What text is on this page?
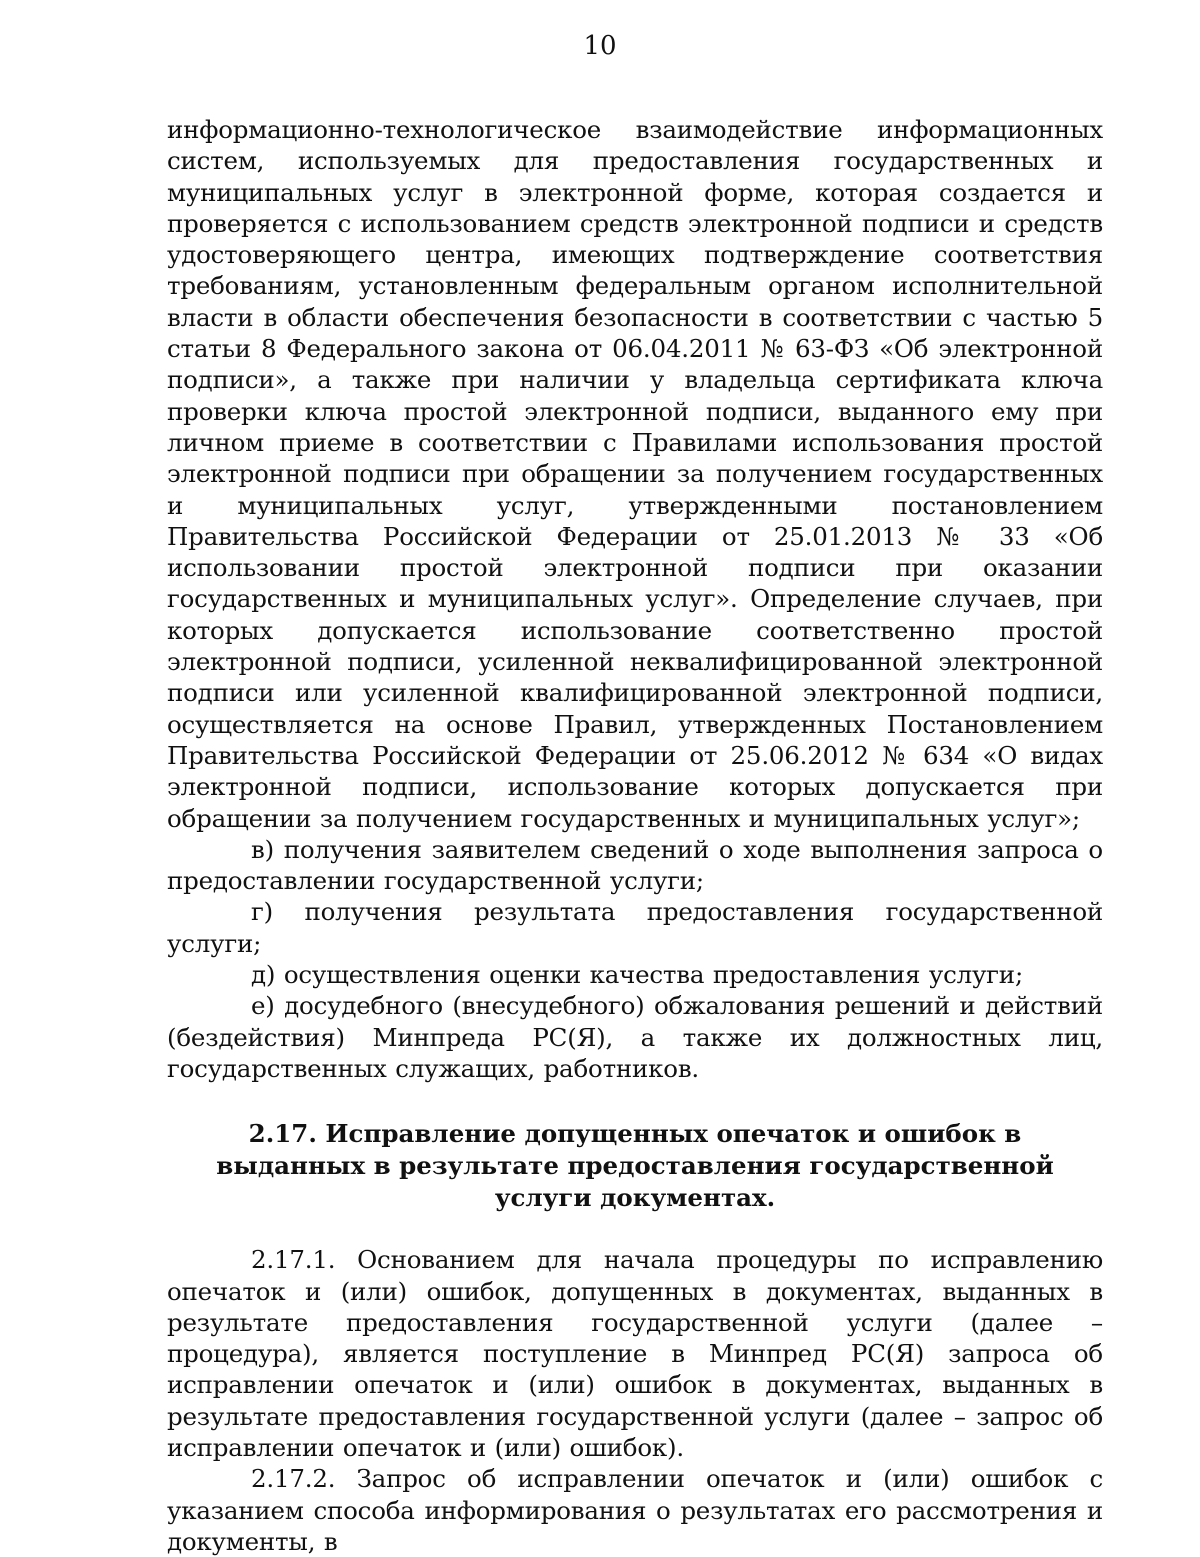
10

информационно-технологическое взаимодействие информационных систем, используемых для предоставления государственных и муниципальных услуг в электронной форме, которая создается и проверяется с использованием средств электронной подписи и средств удостоверяющего центра, имеющих подтверждение соответствия требованиям, установленным федеральным органом исполнительной власти в области обеспечения безопасности в соответствии с частью 5 статьи 8 Федерального закона от 06.04.2011 № 63-ФЗ «Об электронной подписи», а также при наличии у владельца сертификата ключа проверки ключа простой электронной подписи, выданного ему при личном приеме в соответствии с Правилами использования простой электронной подписи при обращении за получением государственных и муниципальных услуг, утвержденными постановлением Правительства Российской Федерации от 25.01.2013 № 33 «Об использовании простой электронной подписи при оказании государственных и муниципальных услуг». Определение случаев, при которых допускается использование соответственно простой электронной подписи, усиленной неквалифицированной электронной подписи или усиленной квалифицированной электронной подписи, осуществляется на основе Правил, утвержденных Постановлением Правительства Российской Федерации от 25.06.2012 № 634 «О видах электронной подписи, использование которых допускается при обращении за получением государственных и муниципальных услуг»;

в) получения заявителем сведений о ходе выполнения запроса о предоставлении государственной услуги;

г) получения результата предоставления государственной услуги;

д) осуществления оценки качества предоставления услуги;

е) досудебного (внесудебного) обжалования решений и действий (бездействия) Минпреда РС(Я), а также их должностных лиц, государственных служащих, работников.

2.17. Исправление допущенных опечаток и ошибок в выданных в результате предоставления государственной услуги документах.

2.17.1. Основанием для начала процедуры по исправлению опечаток и (или) ошибок, допущенных в документах, выданных в результате предоставления государственной услуги (далее – процедура), является поступление в Минпред РС(Я) запроса об исправлении опечаток и (или) ошибок в документах, выданных в результате предоставления государственной услуги (далее – запрос об исправлении опечаток и (или) ошибок).

2.17.2. Запрос об исправлении опечаток и (или) ошибок с указанием способа информирования о результатах его рассмотрения и документы, в
